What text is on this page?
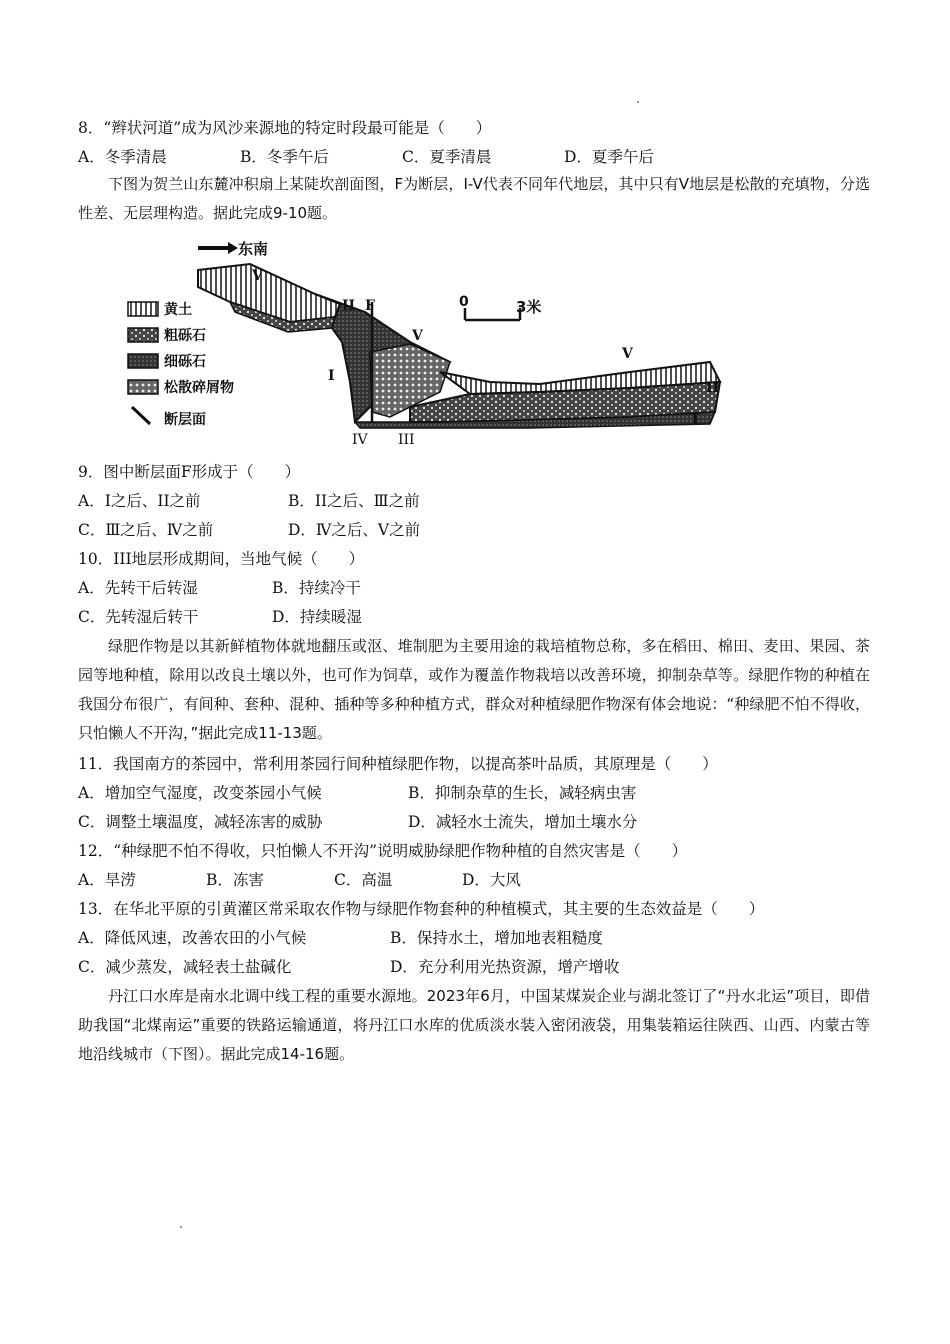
8．“辫状河道”成为风沙来源地的特定时段最可能是（　　）
A．冬季清晨	B．冬季午后	C．夏季清晨	D．夏季午后
下图为贺兰山东麓冲积扇上某陡坎剖面图，F为断层，I-V代表不同年代地层，其中只有V地层是松散的充填物，分选性差、无层理构造。据此完成9-10题。
东南
V
II F
V
I
V
II
I
IV III
0	3米
黄土
粗砾石
细砾石
松散碎屑物
断层面
9．图中断层面F形成于（　　）
A．I之后、II之前	B．II之后、Ⅲ之前
C．Ⅲ之后、Ⅳ之前	D．Ⅳ之后、Ⅴ之前
10．III地层形成期间，当地气候（　　）
A．先转干后转湿	B．持续冷干
C．先转湿后转干	D．持续暖湿
绿肥作物是以其新鲜植物体就地翻压或沤、堆制肥为主要用途的栽培植物总称，多在稻田、棉田、麦田、果园、茶园等地种植，除用以改良土壤以外，也可作为饲草，或作为覆盖作物栽培以改善环境，抑制杂草等。绿肥作物的种植在我国分布很广，有间种、套种、混种、插种等多种种植方式，群众对种植绿肥作物深有体会地说：“种绿肥不怕不得收，只怕懒人不开沟，”据此完成11-13题。
11．我国南方的茶园中，常利用茶园行间种植绿肥作物，以提高茶叶品质，其原理是（　　）
A．增加空气湿度，改变茶园小气候	B．抑制杂草的生长，减轻病虫害
C．调整土壤温度，减轻冻害的威胁	D．减轻水土流失，增加土壤水分
12．“种绿肥不怕不得收，只怕懒人不开沟”说明威胁绿肥作物种植的自然灾害是（　　）
A．旱涝	B．冻害	C．高温	D．大风
13．在华北平原的引黄灌区常采取农作物与绿肥作物套种的种植模式，其主要的生态效益是（　　）
A．降低风速，改善农田的小气候	B．保持水土，增加地表粗糙度
C．减少蒸发，减轻表土盐碱化	D．充分利用光热资源，增产增收
丹江口水库是南水北调中线工程的重要水源地。2023年6月，中国某煤炭企业与湖北签订了“丹水北运”项目，即借助我国“北煤南运”重要的铁路运输通道，将丹江口水库的优质淡水装入密闭液袋，用集装箱运往陕西、山西、内蒙古等地沿线城市（下图）。据此完成14-16题。
